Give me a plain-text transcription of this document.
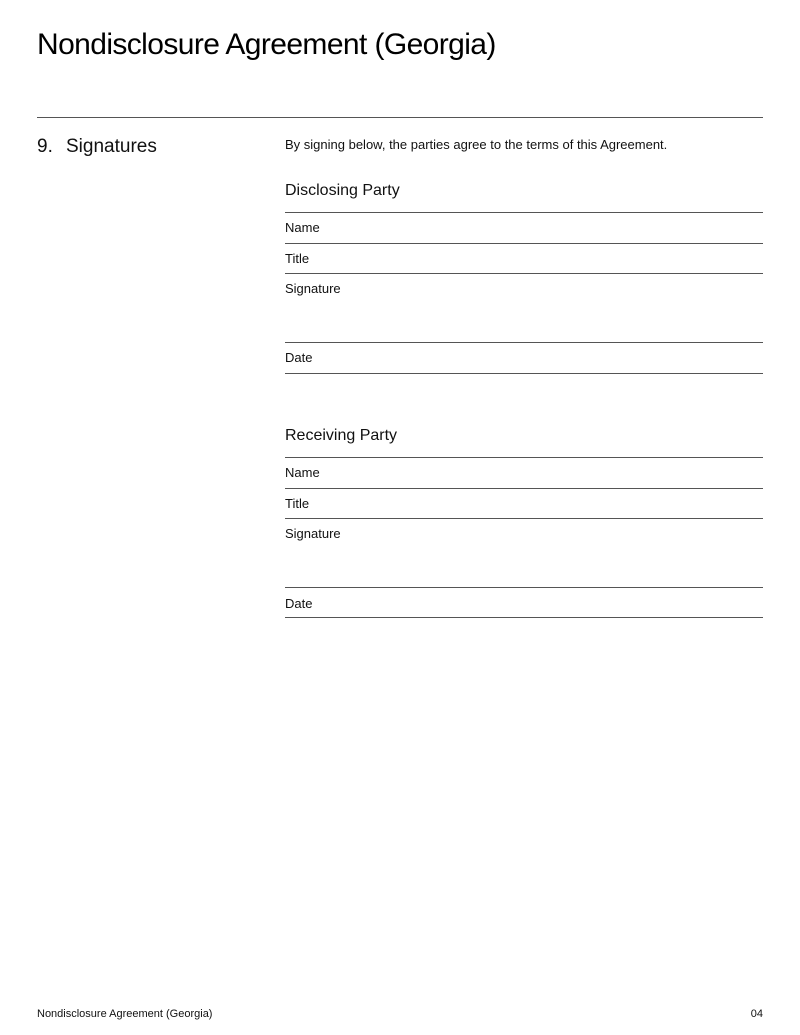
Nondisclosure Agreement (Georgia)
9. Signatures	By signing below, the parties agree to the terms of this Agreement.
Disclosing Party
Name
Title
Signature
Date
Receiving Party
Name
Title
Signature
Date
Nondisclosure Agreement (Georgia)	04
